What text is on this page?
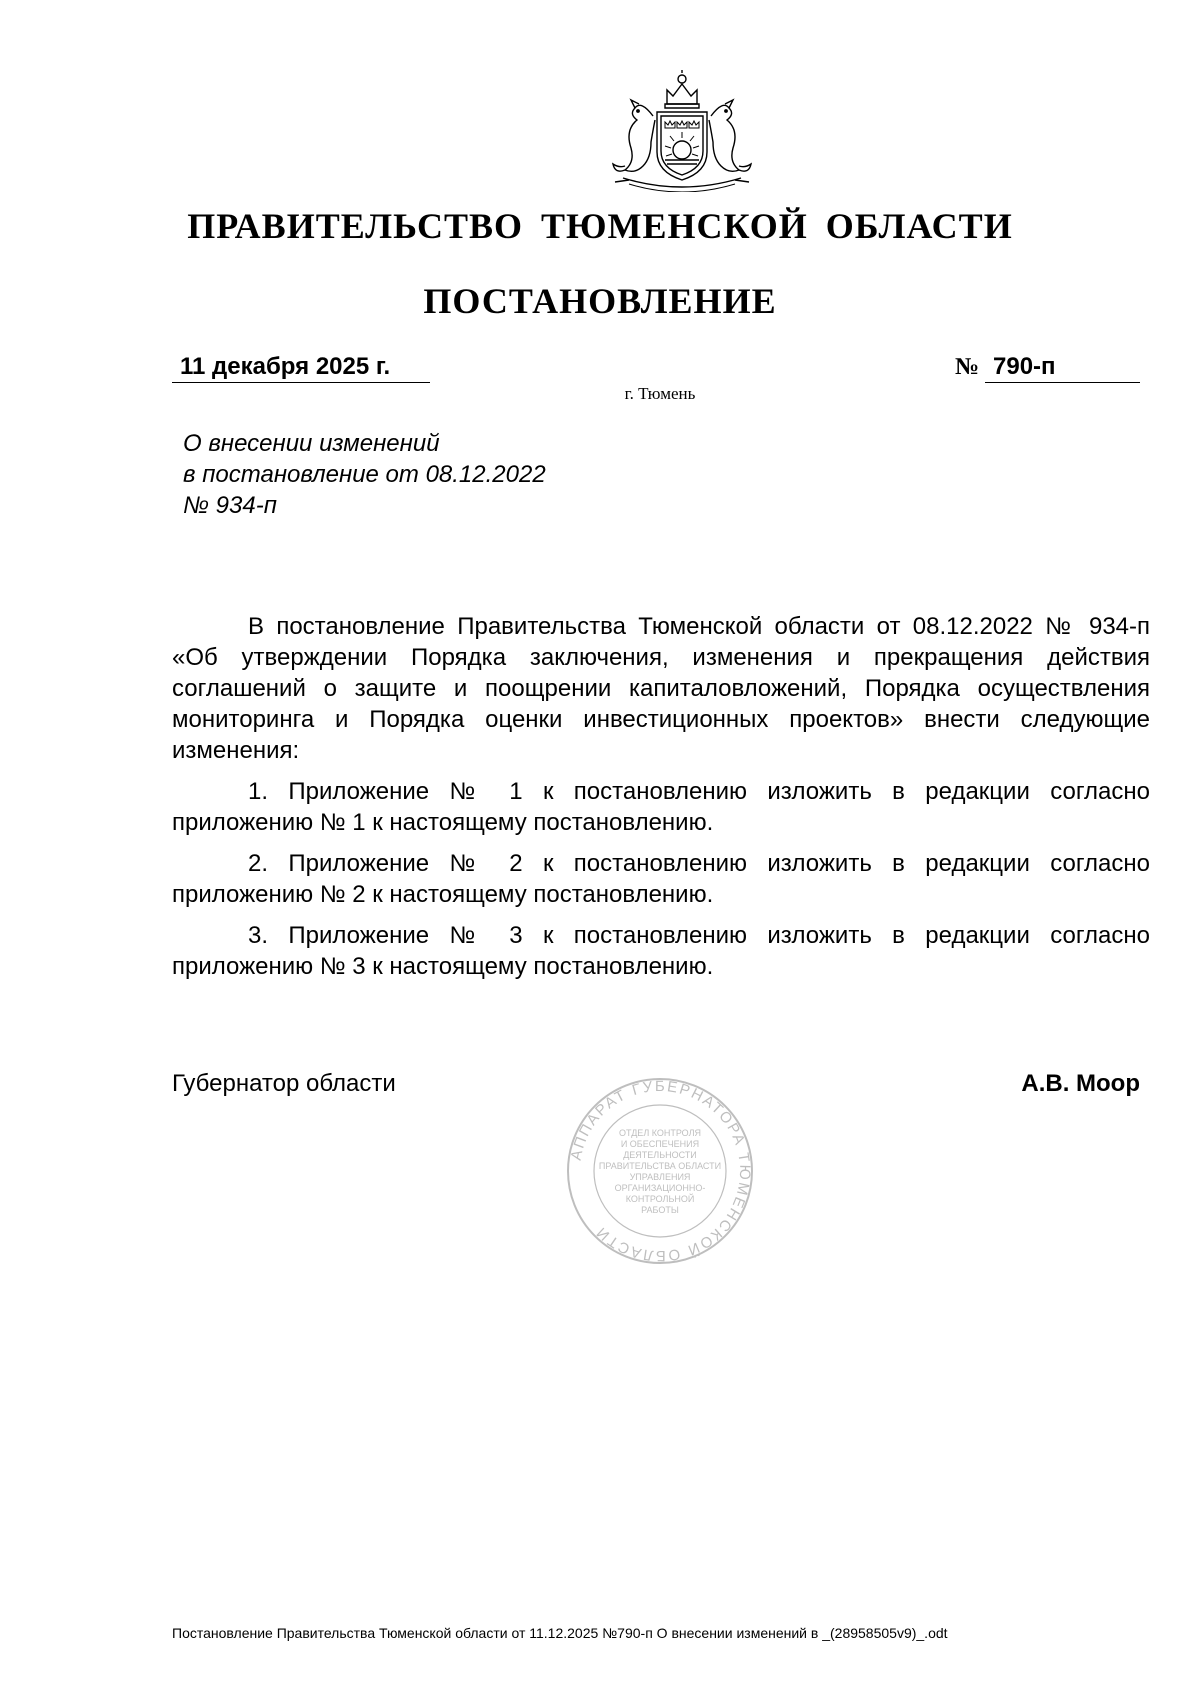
ПРАВИТЕЛЬСТВО ТЮМЕНСКОЙ ОБЛАСТИ
ПОСТАНОВЛЕНИЕ
11 декабря 2025 г.	№ 790-п
г. Тюмень
О внесении изменений
в постановление от 08.12.2022
№ 934-п

В постановление Правительства Тюменской области от 08.12.2022 № 934-п «Об утверждении Порядка заключения, изменения и прекращения действия соглашений о защите и поощрении капиталовложений, Порядка осуществления мониторинга и Порядка оценки инвестиционных проектов» внести следующие изменения:

1. Приложение № 1 к постановлению изложить в редакции согласно приложению № 1 к настоящему постановлению.

2. Приложение № 2 к постановлению изложить в редакции согласно приложению № 2 к настоящему постановлению.

3. Приложение № 3 к постановлению изложить в редакции согласно приложению № 3 к настоящему постановлению.

АППАРАТ ГУБЕРНАТОРА ТЮМЕНСКОЙ ОБЛАСТИ
ОТДЕЛ КОНТРОЛЯ
И ОБЕСПЕЧЕНИЯ
ДЕЯТЕЛЬНОСТИ
ПРАВИТЕЛЬСТВА ОБЛАСТИ
УПРАВЛЕНИЯ
ОРГАНИЗАЦИОННО-
КОНТРОЛЬНОЙ
РАБОТЫ
Губернатор области	А.В. Моор
Постановление Правительства Тюменской области от 11.12.2025 №790-п О внесении изменений в _(28958505v9)_.odt
